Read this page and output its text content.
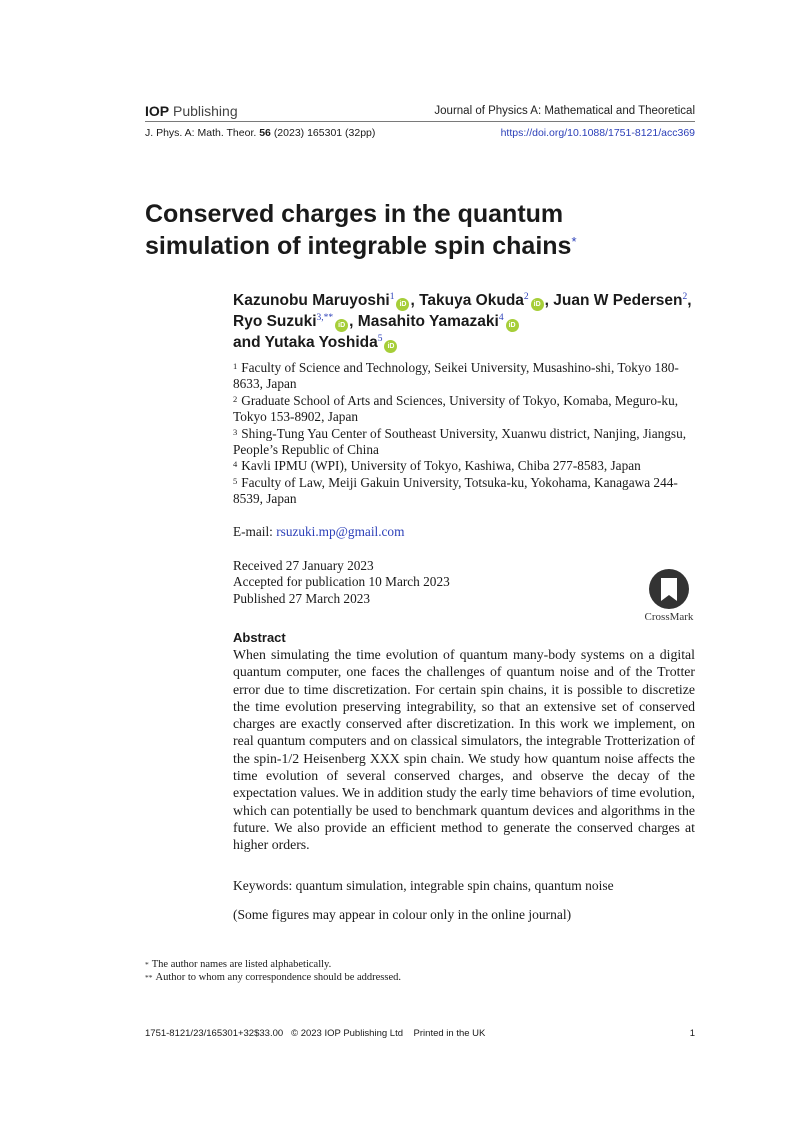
IOP Publishing	Journal of Physics A: Mathematical and Theoretical
J. Phys. A: Math. Theor. 56 (2023) 165301 (32pp)	https://doi.org/10.1088/1751-8121/acc369
Conserved charges in the quantum
simulation of integrable spin chains*
Kazunobu Maruyoshi$^1$iD , Takuya Okuda$^2$iD , Juan W Pedersen$^2$, Ryo Suzuki$^{3,**}$iD , Masahito Yamazaki$^4$iD
and Yutaka Yoshida$^5$iD
$^1$ Faculty of Science and Technology, Seikei University, Musashino-shi, Tokyo 180-8633, Japan
$^2$ Graduate School of Arts and Sciences, University of Tokyo, Komaba, Meguro-ku, Tokyo 153-8902, Japan
$^3$ Shing-Tung Yau Center of Southeast University, Xuanwu district, Nanjing, Jiangsu, People’s Republic of China
$^4$ Kavli IPMU (WPI), University of Tokyo, Kashiwa, Chiba 277-8583, Japan
$^5$ Faculty of Law, Meiji Gakuin University, Totsuka-ku, Yokohama, Kanagawa 244-8539, Japan
E-mail: rsuzuki.mp@gmail.com
Received 27 January 2023
Accepted for publication 10 March 2023
Published 27 March 2023
CrossMark
Abstract
When simulating the time evolution of quantum many-body systems on a digital quantum computer, one faces the challenges of quantum noise and of the Trotter error due to time discretization. For certain spin chains, it is possible to discretize the time evolution preserving integrability, so that an extensive set of conserved charges are exactly conserved after discretization. In this work we implement, on real quantum computers and on classical simulators, the integrable Trotterization of the spin-1/2 Heisenberg XXX spin chain. We study how quantum noise affects the time evolution of several conserved charges, and observe the decay of the expectation values. We in addition study the early time behaviors of time evolution, which can potentially be used to benchmark quantum devices and algorithms in the future. We also provide an efficient method to generate the conserved charges at higher orders.
Keywords: quantum simulation, integrable spin chains, quantum noise
(Some figures may appear in colour only in the online journal)
* The author names are listed alphabetically.
** Author to whom any correspondence should be addressed.
1751-8121/23/165301+32$33.00   © 2023 IOP Publishing Ltd    Printed in the UK	1
